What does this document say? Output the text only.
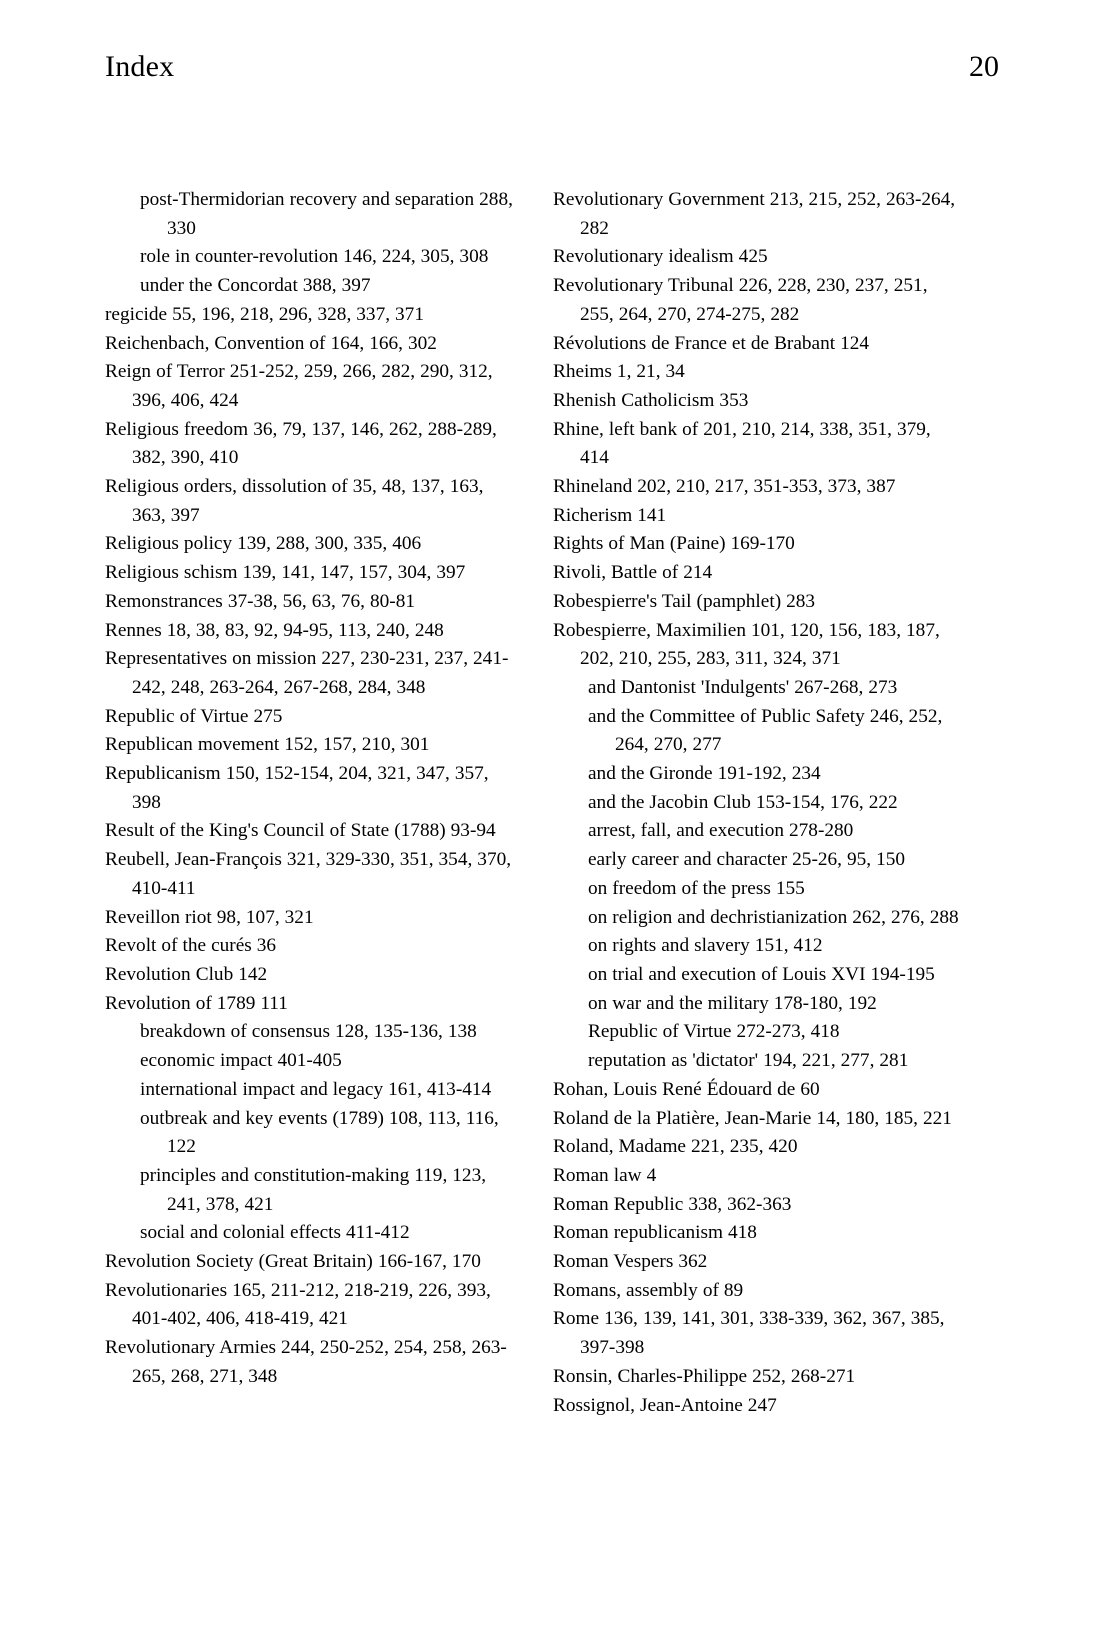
Index	20

post-Thermidorian recovery and separation 288, 330

role in counter-revolution 146, 224, 305, 308

under the Concordat 388, 397

regicide 55, 196, 218, 296, 328, 337, 371

Reichenbach, Convention of 164, 166, 302

Reign of Terror 251-252, 259, 266, 282, 290, 312, 396, 406, 424

Religious freedom 36, 79, 137, 146, 262, 288-289, 382, 390, 410

Religious orders, dissolution of 35, 48, 137, 163, 363, 397

Religious policy 139, 288, 300, 335, 406

Religious schism 139, 141, 147, 157, 304, 397

Remonstrances 37-38, 56, 63, 76, 80-81

Rennes 18, 38, 83, 92, 94-95, 113, 240, 248

Representatives on mission 227, 230-231, 237, 241-242, 248, 263-264, 267-268, 284, 348

Republic of Virtue 275

Republican movement 152, 157, 210, 301

Republicanism 150, 152-154, 204, 321, 347, 357, 398

Result of the King's Council of State (1788) 93-94

Reubell, Jean-François 321, 329-330, 351, 354, 370, 410-411

Reveillon riot 98, 107, 321

Revolt of the curés 36

Revolution Club 142

Revolution of 1789 111

breakdown of consensus 128, 135-136, 138

economic impact 401-405

international impact and legacy 161, 413-414

outbreak and key events (1789) 108, 113, 116, 122

principles and constitution-making 119, 123, 241, 378, 421

social and colonial effects 411-412

Revolution Society (Great Britain) 166-167, 170

Revolutionaries 165, 211-212, 218-219, 226, 393, 401-402, 406, 418-419, 421

Revolutionary Armies 244, 250-252, 254, 258, 263-265, 268, 271, 348

Revolutionary Government 213, 215, 252, 263-264, 282

Revolutionary idealism 425

Revolutionary Tribunal 226, 228, 230, 237, 251, 255, 264, 270, 274-275, 282

Révolutions de France et de Brabant 124

Rheims 1, 21, 34

Rhenish Catholicism 353

Rhine, left bank of 201, 210, 214, 338, 351, 379, 414

Rhineland 202, 210, 217, 351-353, 373, 387

Richerism 141

Rights of Man (Paine) 169-170

Rivoli, Battle of 214

Robespierre's Tail (pamphlet) 283

Robespierre, Maximilien 101, 120, 156, 183, 187, 202, 210, 255, 283, 311, 324, 371

and Dantonist 'Indulgents' 267-268, 273

and the Committee of Public Safety 246, 252, 264, 270, 277

and the Gironde 191-192, 234

and the Jacobin Club 153-154, 176, 222

arrest, fall, and execution 278-280

early career and character 25-26, 95, 150

on freedom of the press 155

on religion and dechristianization 262, 276, 288

on rights and slavery 151, 412

on trial and execution of Louis XVI 194-195

on war and the military 178-180, 192

Republic of Virtue 272-273, 418

reputation as 'dictator' 194, 221, 277, 281

Rohan, Louis René Édouard de 60

Roland de la Platière, Jean-Marie 14, 180, 185, 221

Roland, Madame 221, 235, 420

Roman law 4

Roman Republic 338, 362-363

Roman republicanism 418

Roman Vespers 362

Romans, assembly of 89

Rome 136, 139, 141, 301, 338-339, 362, 367, 385, 397-398

Ronsin, Charles-Philippe 252, 268-271

Rossignol, Jean-Antoine 247
